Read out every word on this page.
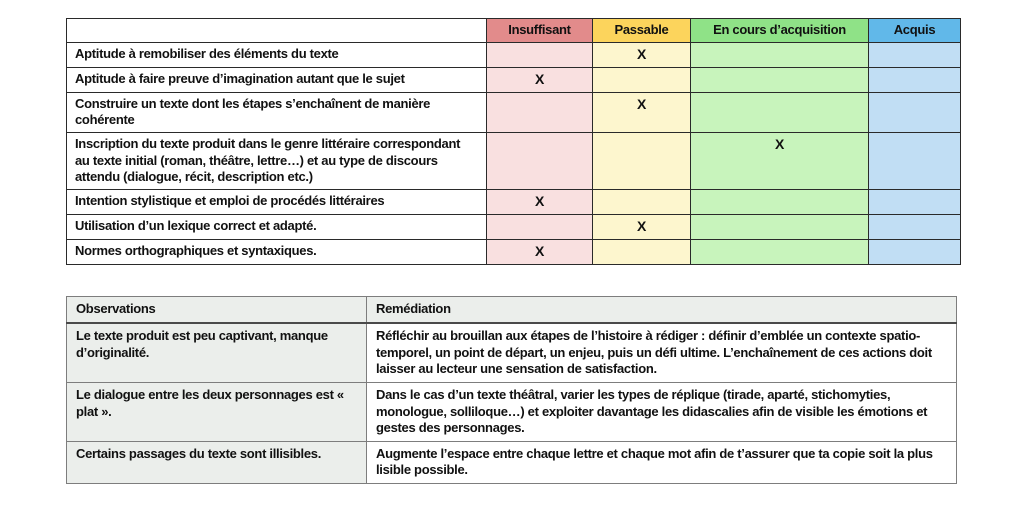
	Insuffisant	Passable	En cours d’acquisition	Acquis
Aptitude à remobiliser des éléments du texte		X		
Aptitude à faire preuve d’imagination autant que le sujet	X			
Construire un texte dont les étapes s’enchaînent de manière cohérente		X		
Inscription du texte produit dans le genre littéraire correspondant au texte initial (roman, théâtre, lettre…) et au type de discours attendu (dialogue, récit, description etc.)			X	
Intention stylistique et emploi de procédés littéraires	X			
Utilisation d’un lexique correct et adapté.		X		
Normes orthographiques et syntaxiques.	X			
Observations	Remédiation
Le texte produit est peu captivant, manque d’originalité.	Réfléchir au brouillan aux étapes de l’histoire à rédiger : définir d’emblée un contexte spatio-temporel, un point de départ, un enjeu, puis un défi ultime. L’enchaînement de ces actions doit laisser au lecteur une sensation de satisfaction.
Le dialogue entre les deux personnages est « plat ».	Dans le cas d’un texte théâtral, varier les types de réplique (tirade, aparté, stichomyties, monologue, solliloque…) et exploiter davantage les didascalies afin de visible les émotions et gestes des personnages.
Certains passages du texte sont illisibles.	Augmente l’espace entre chaque lettre et chaque mot afin de t’assurer que ta copie soit la plus lisible possible.
